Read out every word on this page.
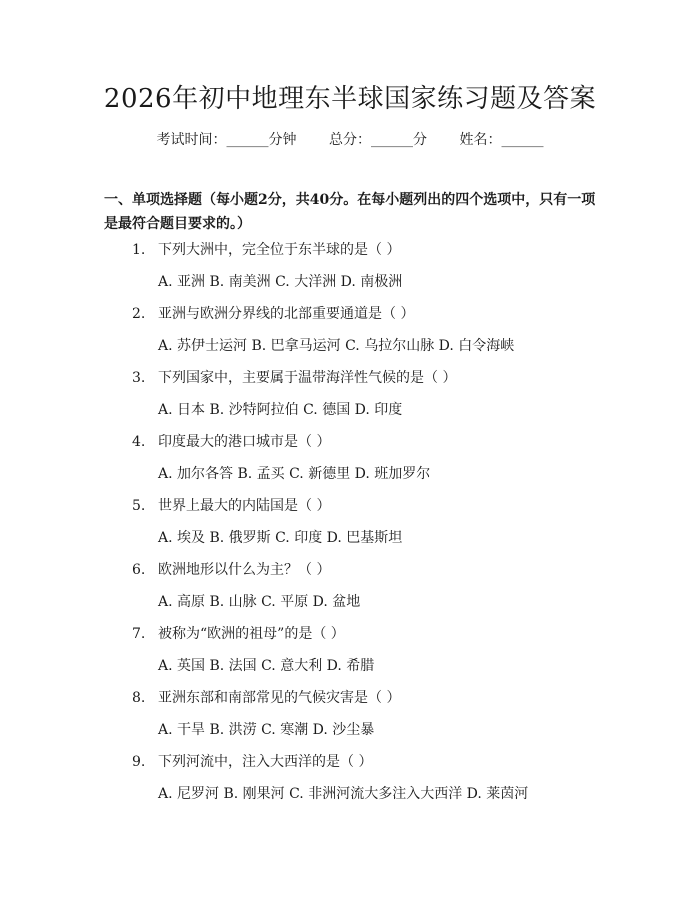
2026年初中地理东半球国家练习题及答案
考试时间：______分钟 总分：______分 姓名：______
一、单项选择题（每小题2分，共40分。在每小题列出的四个选项中，只有一项是最符合题目要求的。）
1. 下列大洲中，完全位于东半球的是（ ）
A. 亚洲 B. 南美洲 C. 大洋洲 D. 南极洲
2. 亚洲与欧洲分界线的北部重要通道是（ ）
A. 苏伊士运河 B. 巴拿马运河 C. 乌拉尔山脉 D. 白令海峡
3. 下列国家中，主要属于温带海洋性气候的是（ ）
A. 日本 B. 沙特阿拉伯 C. 德国 D. 印度
4. 印度最大的港口城市是（ ）
A. 加尔各答 B. 孟买 C. 新德里 D. 班加罗尔
5. 世界上最大的内陆国是（ ）
A. 埃及 B. 俄罗斯 C. 印度 D. 巴基斯坦
6. 欧洲地形以什么为主？（ ）
A. 高原 B. 山脉 C. 平原 D. 盆地
7. 被称为“欧洲的祖母”的是（ ）
A. 英国 B. 法国 C. 意大利 D. 希腊
8. 亚洲东部和南部常见的气候灾害是（ ）
A. 干旱 B. 洪涝 C. 寒潮 D. 沙尘暴
9. 下列河流中，注入大西洋的是（ ）
A. 尼罗河 B. 刚果河 C. 非洲河流大多注入大西洋 D. 莱茵河
